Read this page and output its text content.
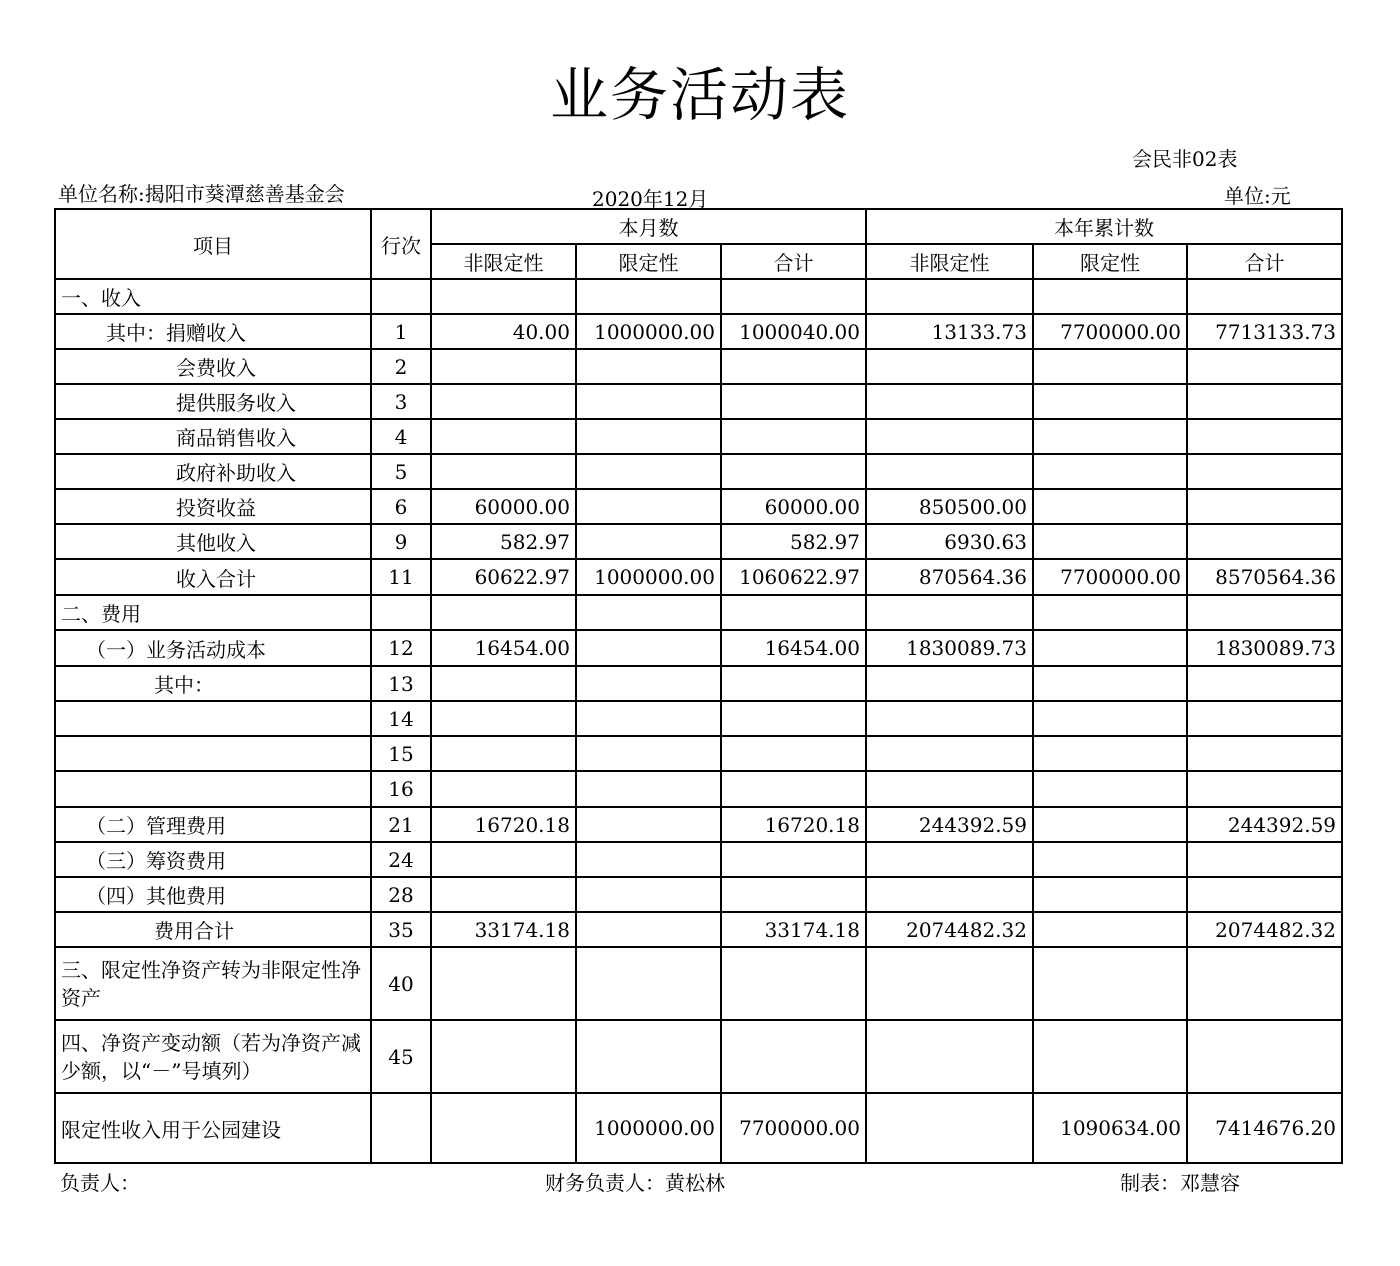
业务活动表
会民非02表
单位名称:揭阳市葵潭慈善基金会	2020年12月	单位:元
项目	行次	本月数			本年累计数		
		非限定性	限定性	合计	非限定性	限定性	合计
一、收入							
其中：捐赠收入	1	40.00	1000000.00	1000040.00	13133.73	7700000.00	7713133.73
会费收入	2						
提供服务收入	3						
商品销售收入	4						
政府补助收入	5						
投资收益	6	60000.00		60000.00	850500.00		
其他收入	9	582.97		582.97	6930.63		
收入合计	11	60622.97	1000000.00	1060622.97	870564.36	7700000.00	8570564.36
二、费用							
（一）业务活动成本	12	16454.00		16454.00	1830089.73		1830089.73
其中：	13						
	14						
	15						
	16						
（二）管理费用	21	16720.18		16720.18	244392.59		244392.59
（三）筹资费用	24						
（四）其他费用	28						
费用合计	35	33174.18		33174.18	2074482.32		2074482.32
三、限定性净资产转为非限定性净资产	40						
四、净资产变动额（若为净资产减少额，以“－”号填列）	45						
限定性收入用于公园建设			1000000.00	7700000.00		1090634.00	7414676.20
负责人：	财务负责人：黄松林	制表：邓慧容
